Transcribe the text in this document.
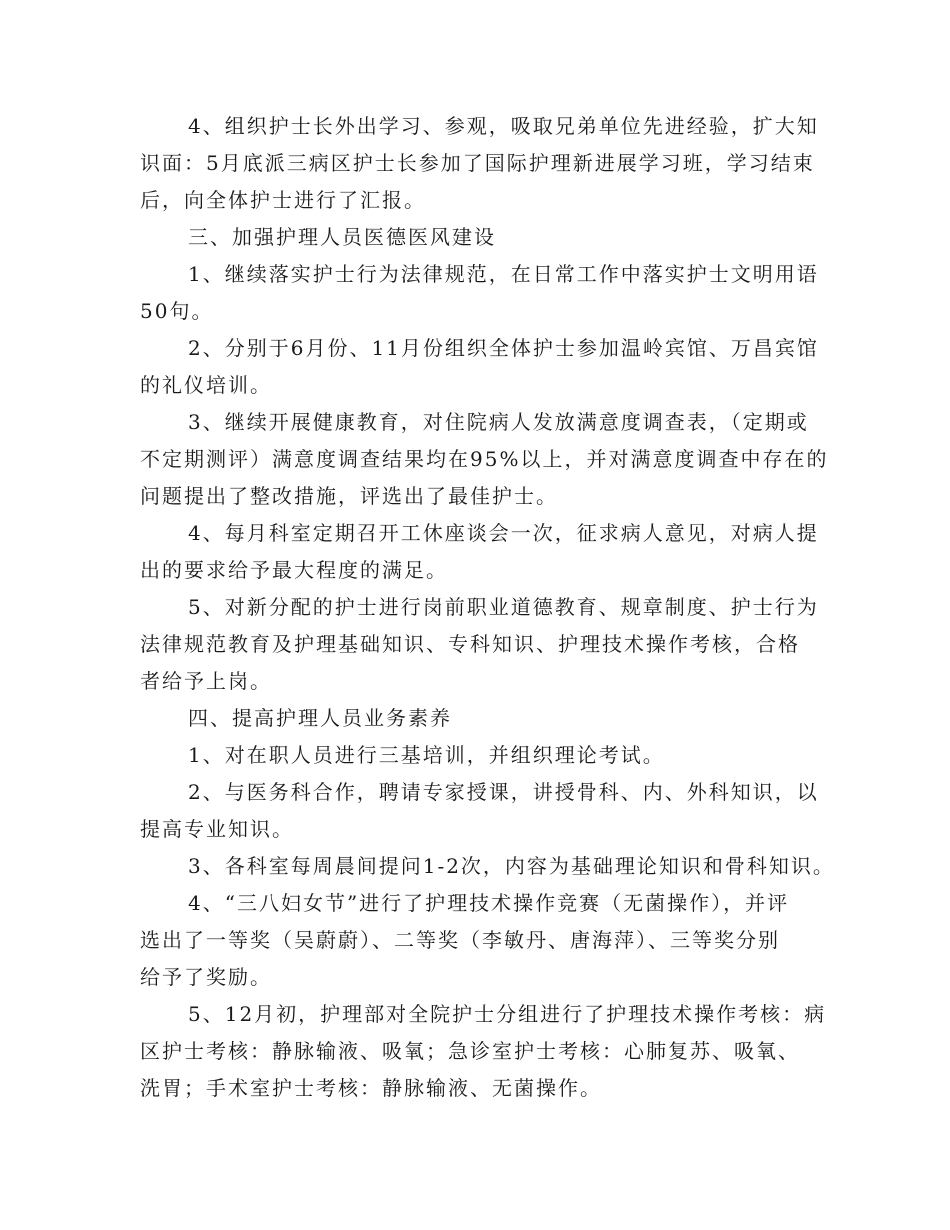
4、组织护士长外出学习、参观，吸取兄弟单位先进经验，扩大知
识面：5月底派三病区护士长参加了国际护理新进展学习班，学习结束
后，向全体护士进行了汇报。
三、加强护理人员医德医风建设
1、继续落实护士行为法律规范，在日常工作中落实护士文明用语
50句。
2、分别于6月份、11月份组织全体护士参加温岭宾馆、万昌宾馆
的礼仪培训。
3、继续开展健康教育，对住院病人发放满意度调查表，（定期或
不定期测评）满意度调查结果均在95%以上，并对满意度调查中存在的
问题提出了整改措施，评选出了最佳护士。
4、每月科室定期召开工休座谈会一次，征求病人意见，对病人提
出的要求给予最大程度的满足。
5、对新分配的护士进行岗前职业道德教育、规章制度、护士行为
法律规范教育及护理基础知识、专科知识、护理技术操作考核，合格
者给予上岗。
四、提高护理人员业务素养
1、对在职人员进行三基培训，并组织理论考试。
2、与医务科合作，聘请专家授课，讲授骨科、内、外科知识，以
提高专业知识。
3、各科室每周晨间提问1-2次，内容为基础理论知识和骨科知识。
4、“三八妇女节”进行了护理技术操作竞赛（无菌操作），并评
选出了一等奖（吴蔚蔚）、二等奖（李敏丹、唐海萍）、三等奖分别
给予了奖励。
5、12月初，护理部对全院护士分组进行了护理技术操作考核：病
区护士考核：静脉输液、吸氧；急诊室护士考核：心肺复苏、吸氧、
洗胃；手术室护士考核：静脉输液、无菌操作。
